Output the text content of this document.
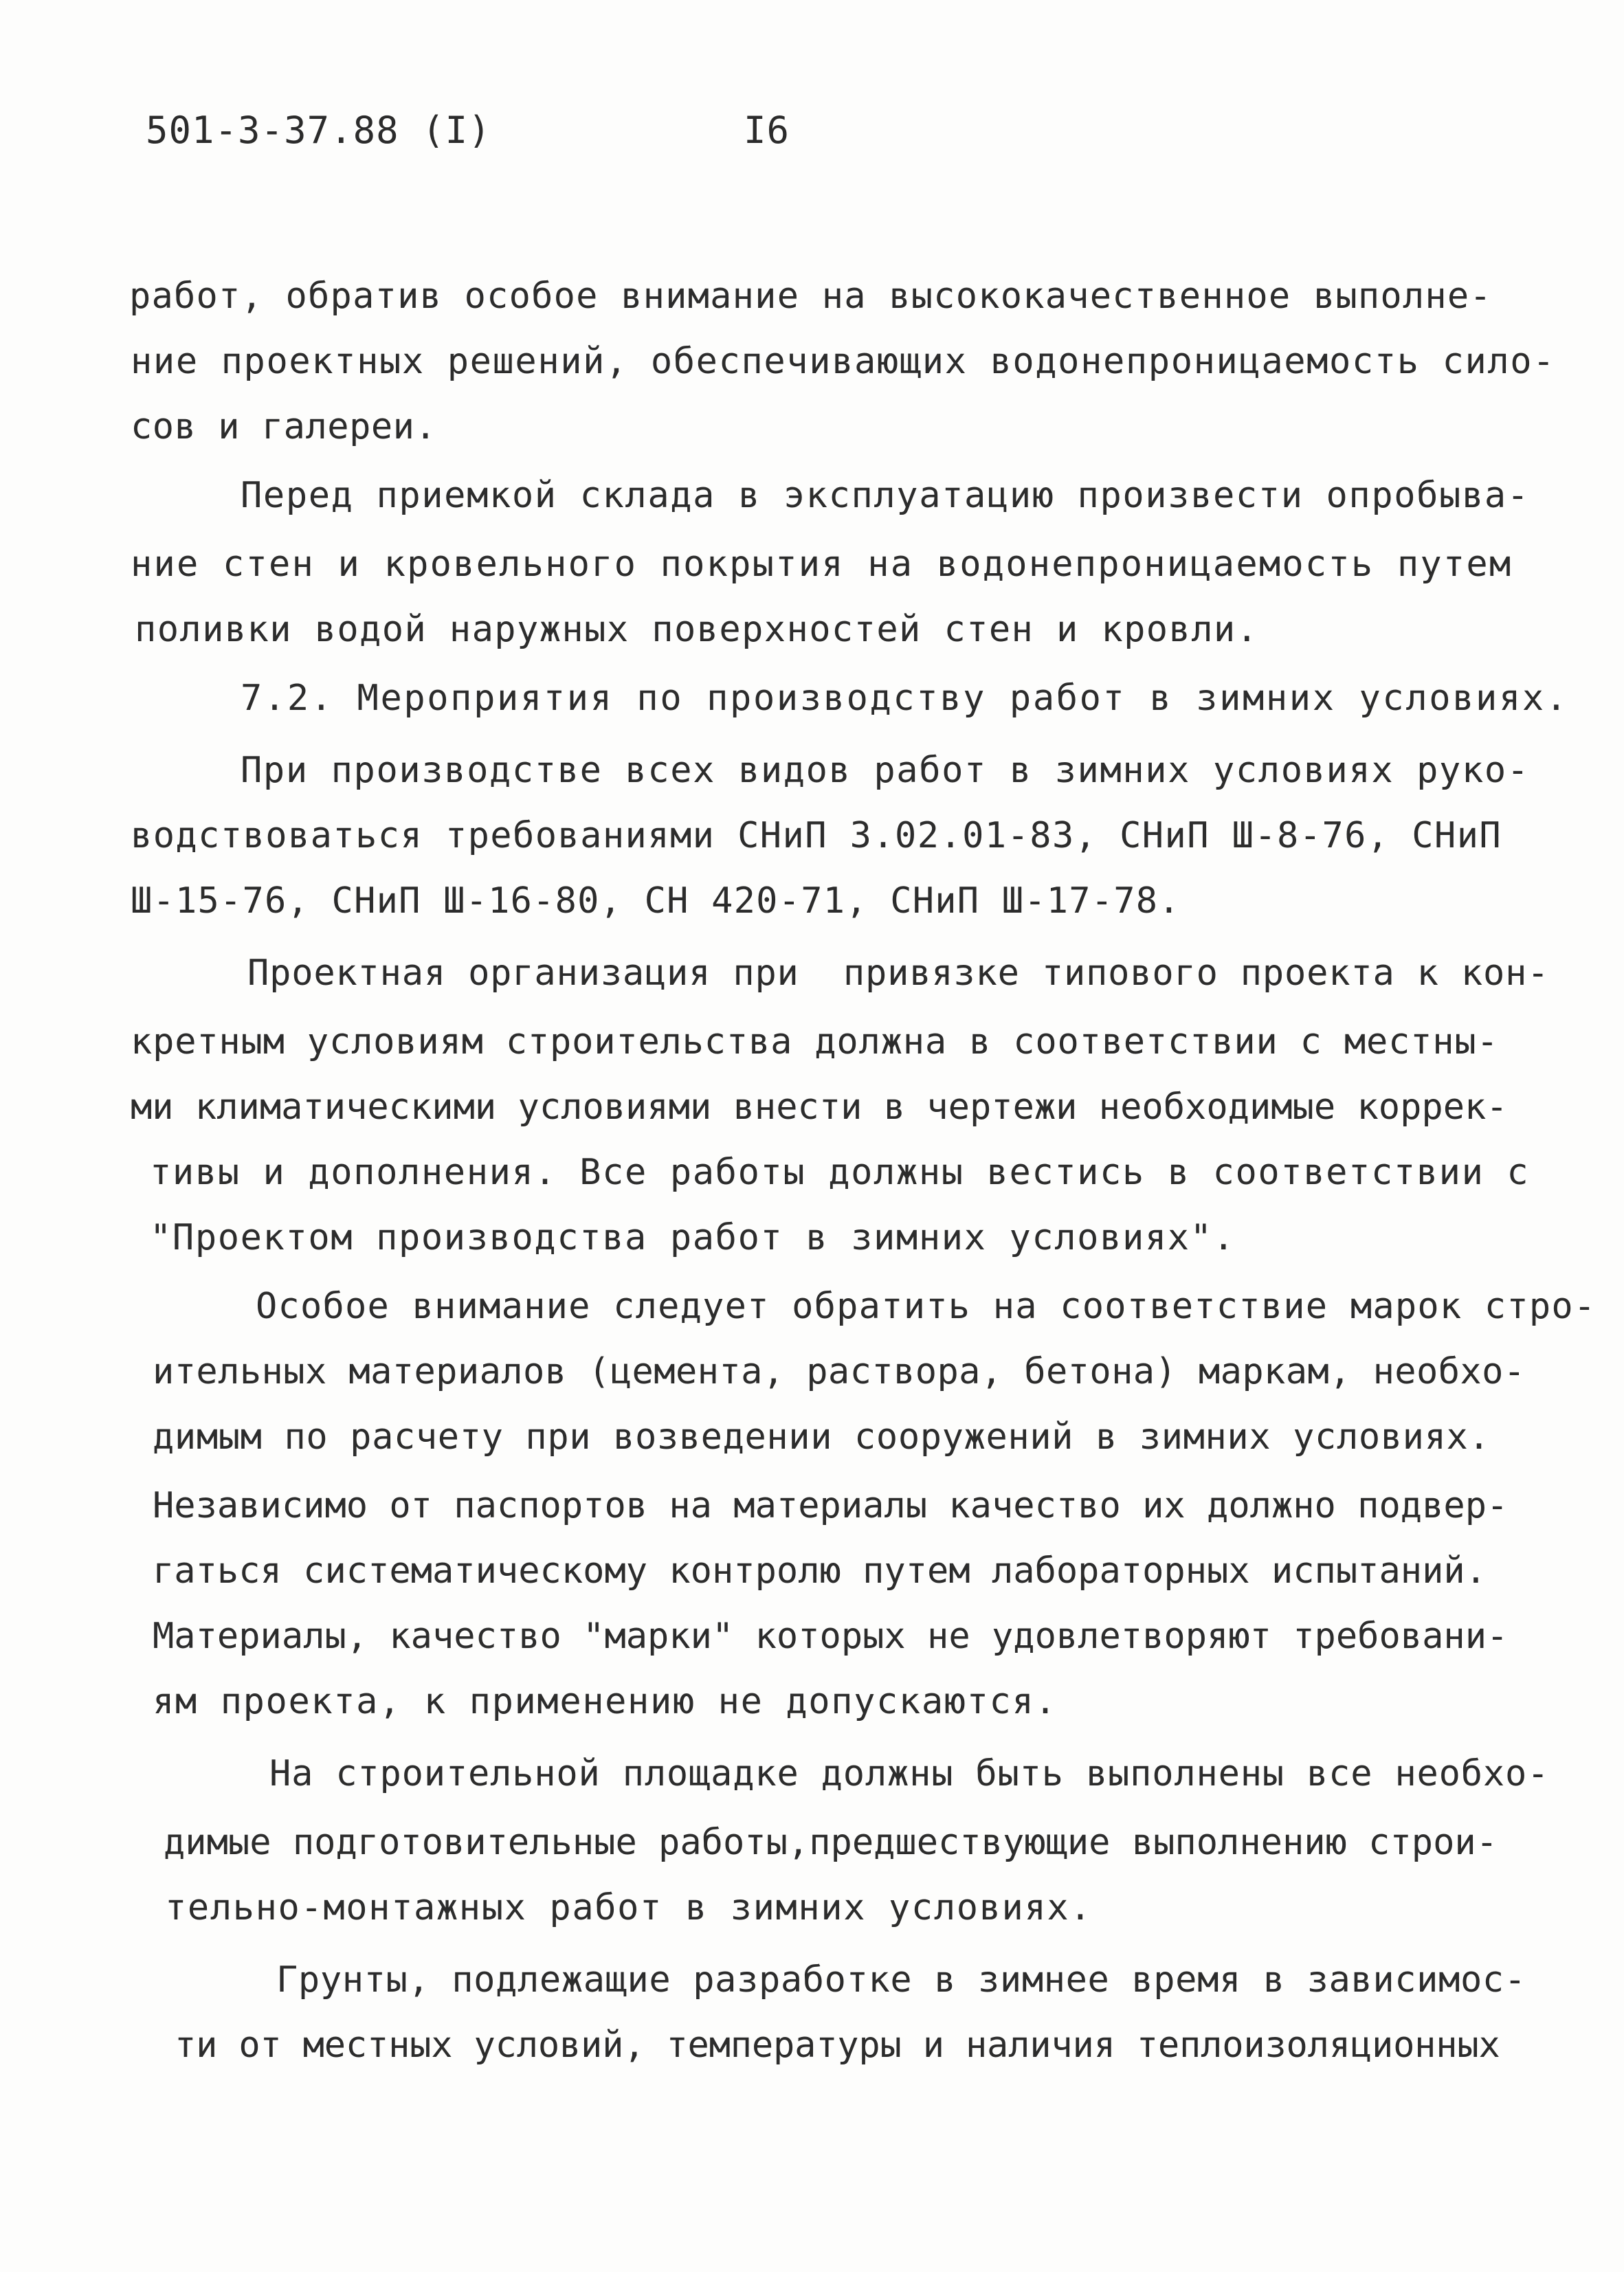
501-3-37.88 (I)	I6
работ, обратив особое внимание на высококачественное выполне-
ние проектных решений, обеспечивающих водонепроницаемость сило-
сов и галереи.
Перед приемкой склада в эксплуатацию произвести опробыва-
ние стен и кровельного покрытия на водонепроницаемость путем
поливки водой наружных поверхностей стен и кровли.
7.2. Мероприятия по производству работ в зимних условиях.
При производстве всех видов работ в зимних условиях руко-
водствоваться требованиями СНиП 3.02.01-83, СНиП Ш-8-76, СНиП
Ш-15-76, СНиП Ш-16-80, СН 420-71, СНиП Ш-17-78.
Проектная организация при  привязке типового проекта к кон-
кретным условиям строительства должна в соответствии с местны-
ми климатическими условиями внести в чертежи необходимые коррек-
тивы и дополнения. Все работы должны вестись в соответствии с
"Проектом производства работ в зимних условиях".
Особое внимание следует обратить на соответствие марок стро-
ительных материалов (цемента, раствора, бетона) маркам, необхо-
димым по расчету при возведении сооружений в зимних условиях.
Независимо от паспортов на материалы качество их должно подвер-
гаться систематическому контролю путем лабораторных испытаний.
Материалы, качество "марки" которых не удовлетворяют требовани-
ям проекта, к применению не допускаются.
На строительной площадке должны быть выполнены все необхо-
димые подготовительные работы,предшествующие выполнению строи-
тельно-монтажных работ в зимних условиях.
Грунты, подлежащие разработке в зимнее время в зависимос-
ти от местных условий, температуры и наличия теплоизоляционных
